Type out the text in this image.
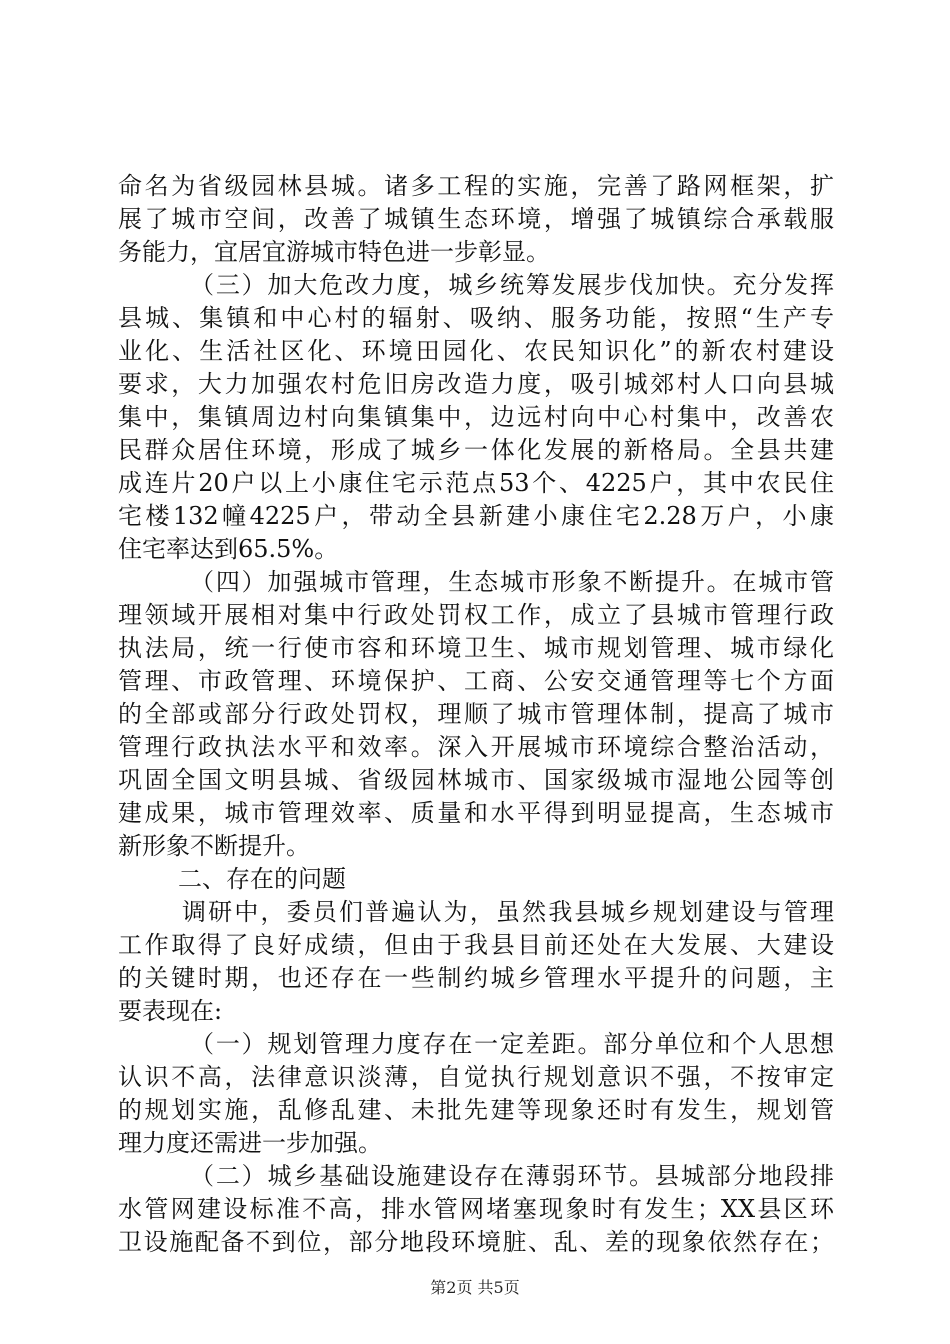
命名为省级园林县城。诸多工程的实施，完善了路网框架，扩
展了城市空间，改善了城镇生态环境，增强了城镇综合承载服
务能力，宜居宜游城市特色进一步彰显。
（三）加大危改力度，城乡统筹发展步伐加快。充分发挥
县城、集镇和中心村的辐射、吸纳、服务功能，按照“生产专
业化、生活社区化、环境田园化、农民知识化”的新农村建设
要求，大力加强农村危旧房改造力度，吸引城郊村人口向县城
集中，集镇周边村向集镇集中，边远村向中心村集中，改善农
民群众居住环境，形成了城乡一体化发展的新格局。全县共建
成连片20户以上小康住宅示范点53个、4225户，其中农民住
宅楼132幢4225户，带动全县新建小康住宅2.28万户，小康
住宅率达到65.5%。
（四）加强城市管理，生态城市形象不断提升。在城市管
理领域开展相对集中行政处罚权工作，成立了县城市管理行政
执法局，统一行使市容和环境卫生、城市规划管理、城市绿化
管理、市政管理、环境保护、工商、公安交通管理等七个方面
的全部或部分行政处罚权，理顺了城市管理体制，提高了城市
管理行政执法水平和效率。深入开展城市环境综合整治活动，
巩固全国文明县城、省级园林城市、国家级城市湿地公园等创
建成果，城市管理效率、质量和水平得到明显提高，生态城市
新形象不断提升。
二、存在的问题
调研中，委员们普遍认为，虽然我县城乡规划建设与管理
工作取得了良好成绩，但由于我县目前还处在大发展、大建设
的关键时期，也还存在一些制约城乡管理水平提升的问题，主
要表现在:
（一）规划管理力度存在一定差距。部分单位和个人思想
认识不高，法律意识淡薄，自觉执行规划意识不强，不按审定
的规划实施，乱修乱建、未批先建等现象还时有发生，规划管
理力度还需进一步加强。
（二）城乡基础设施建设存在薄弱环节。县城部分地段排
水管网建设标准不高，排水管网堵塞现象时有发生；XX县区环
卫设施配备不到位，部分地段环境脏、乱、差的现象依然存在；
第2页 共5页
